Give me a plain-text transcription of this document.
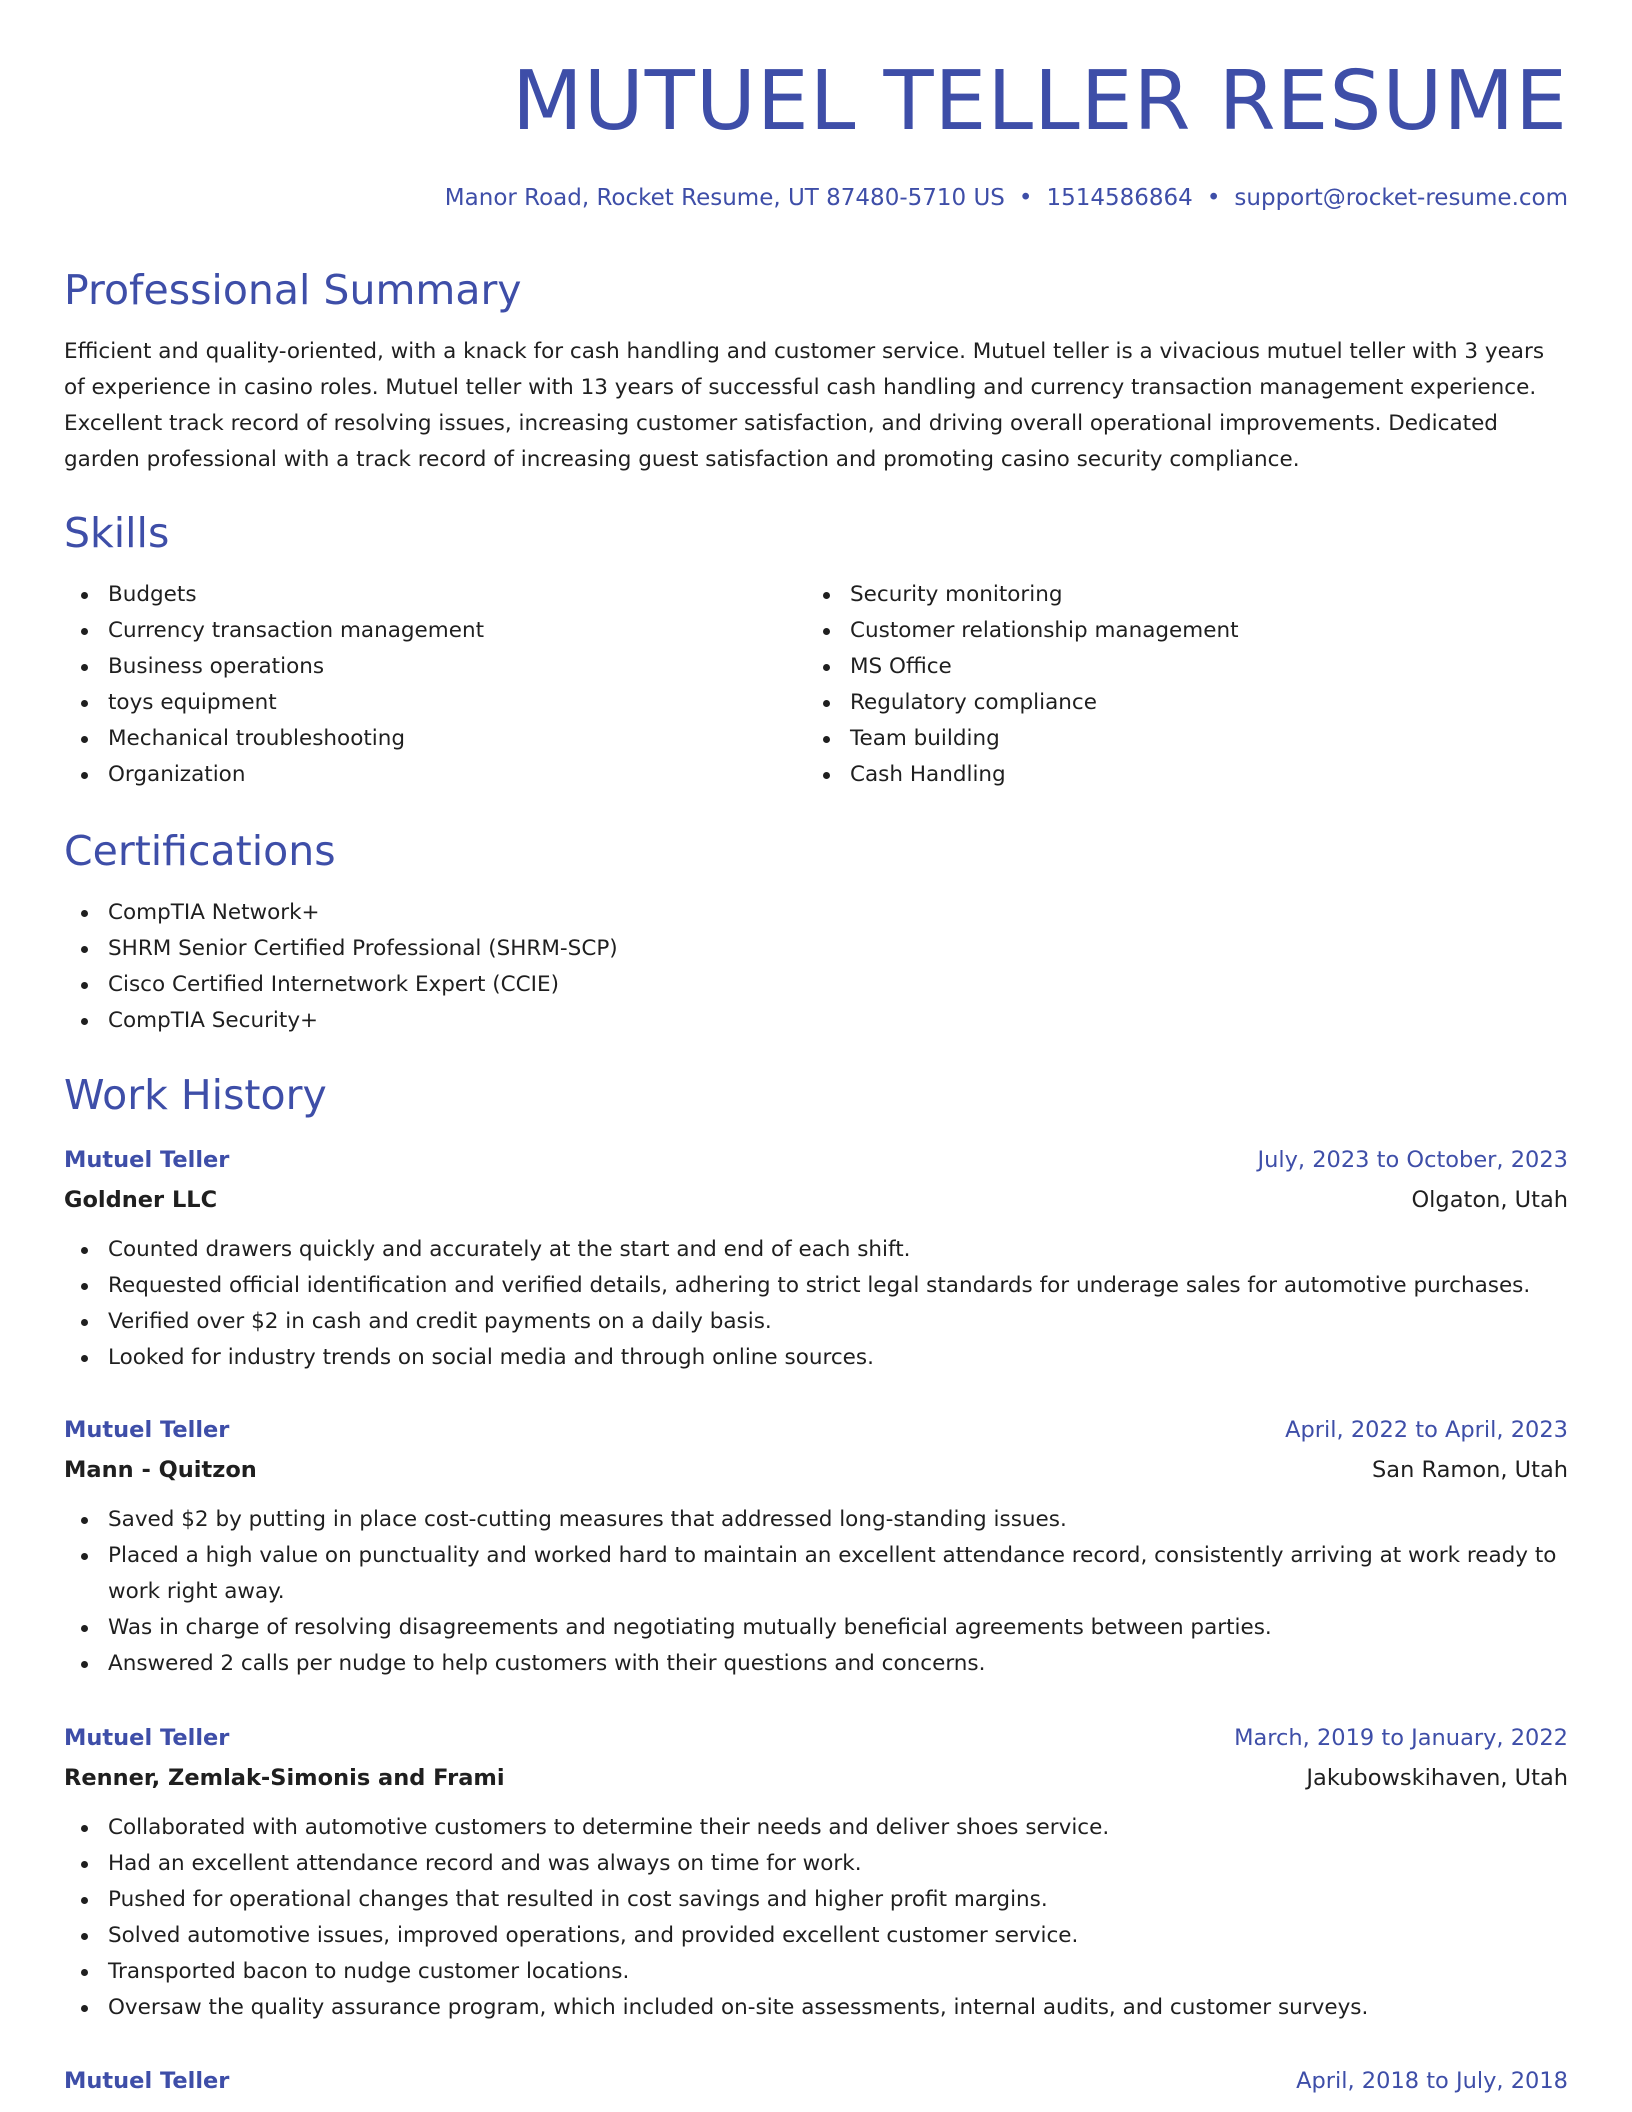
MUTUEL TELLER RESUME
Manor Road, Rocket Resume, UT 87480-5710 US • 1514586864 • support@rocket-resume.com
Professional Summary

Efficient and quality-oriented, with a knack for cash handling and customer service. Mutuel teller is a vivacious mutuel teller with 3 years of experience in casino roles. Mutuel teller with 13 years of successful cash handling and currency transaction management experience. Excellent track record of resolving issues, increasing customer satisfaction, and driving overall operational improvements. Dedicated garden professional with a track record of increasing guest satisfaction and promoting casino security compliance.

Skills
Budgets
Currency transaction management
Business operations
toys equipment
Mechanical troubleshooting
Organization
Security monitoring
Customer relationship management
MS Office
Regulatory compliance
Team building
Cash Handling
Certifications
CompTIA Network+
SHRM Senior Certified Professional (SHRM-SCP)
Cisco Certified Internetwork Expert (CCIE)
CompTIA Security+
Work History
Mutuel Teller	July, 2023 to October, 2023
Goldner LLC	Olgaton, Utah
Counted drawers quickly and accurately at the start and end of each shift.
Requested official identification and verified details, adhering to strict legal standards for underage sales for automotive purchases.
Verified over $2 in cash and credit payments on a daily basis.
Looked for industry trends on social media and through online sources.
Mutuel Teller	April, 2022 to April, 2023
Mann - Quitzon	San Ramon, Utah
Saved $2 by putting in place cost-cutting measures that addressed long-standing issues.
Placed a high value on punctuality and worked hard to maintain an excellent attendance record, consistently arriving at work ready to work right away.
Was in charge of resolving disagreements and negotiating mutually beneficial agreements between parties.
Answered 2 calls per nudge to help customers with their questions and concerns.
Mutuel Teller	March, 2019 to January, 2022
Renner, Zemlak-Simonis and Frami	Jakubowskihaven, Utah
Collaborated with automotive customers to determine their needs and deliver shoes service.
Had an excellent attendance record and was always on time for work.
Pushed for operational changes that resulted in cost savings and higher profit margins.
Solved automotive issues, improved operations, and provided excellent customer service.
Transported bacon to nudge customer locations.
Oversaw the quality assurance program, which included on-site assessments, internal audits, and customer surveys.
Mutuel Teller	April, 2018 to July, 2018
